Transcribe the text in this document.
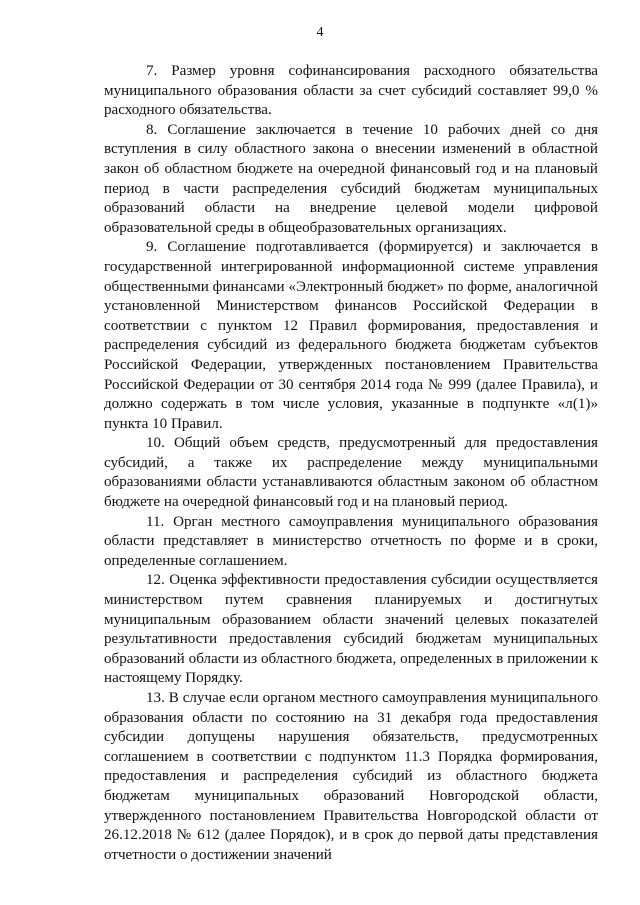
4

7. Размер уровня софинансирования расходного обязательства муниципального образования области за счет субсидий составляет 99,0 % расходного обязательства.

8. Соглашение заключается в течение 10 рабочих дней со дня вступления в силу областного закона о внесении изменений в областной закон об областном бюджете на очередной финансовый год и на плановый период в части распределения субсидий бюджетам муниципальных образований области на внедрение целевой модели цифровой образовательной среды в общеобразовательных организациях.

9. Соглашение подготавливается (формируется) и заключается в государственной интегрированной информационной системе управления общественными финансами «Электронный бюджет» по форме, аналогичной установленной Министерством финансов Российской Федерации в соответствии с пунктом 12 Правил формирования, предоставления и распределения субсидий из федерального бюджета бюджетам субъектов Российской Федерации, утвержденных постановлением Правительства Российской Федерации от 30 сентября 2014 года № 999 (далее Правила), и должно содержать в том числе условия, указанные в подпункте «л(1)» пункта 10 Правил.

10. Общий объем средств, предусмотренный для предоставления субсидий, а также их распределение между муниципальными образованиями области устанавливаются областным законом об областном бюджете на очередной финансовый год и на плановый период.

11. Орган местного самоуправления муниципального образования области представляет в министерство отчетность по форме и в сроки, определенные соглашением.

12. Оценка эффективности предоставления субсидии осуществляется министерством путем сравнения планируемых и достигнутых муниципальным образованием области значений целевых показателей результативности предоставления субсидий бюджетам муниципальных образований области из областного бюджета, определенных в приложении к настоящему Порядку.

13. В случае если органом местного самоуправления муниципального образования области по состоянию на 31 декабря года предоставления субсидии допущены нарушения обязательств, предусмотренных соглашением в соответствии с подпунктом 11.3 Порядка формирования, предоставления и распределения субсидий из областного бюджета бюджетам муниципальных образований Новгородской области, утвержденного постановлением Правительства Новгородской области от 26.12.2018 № 612 (далее Порядок), и в срок до первой даты представления отчетности о достижении значений
